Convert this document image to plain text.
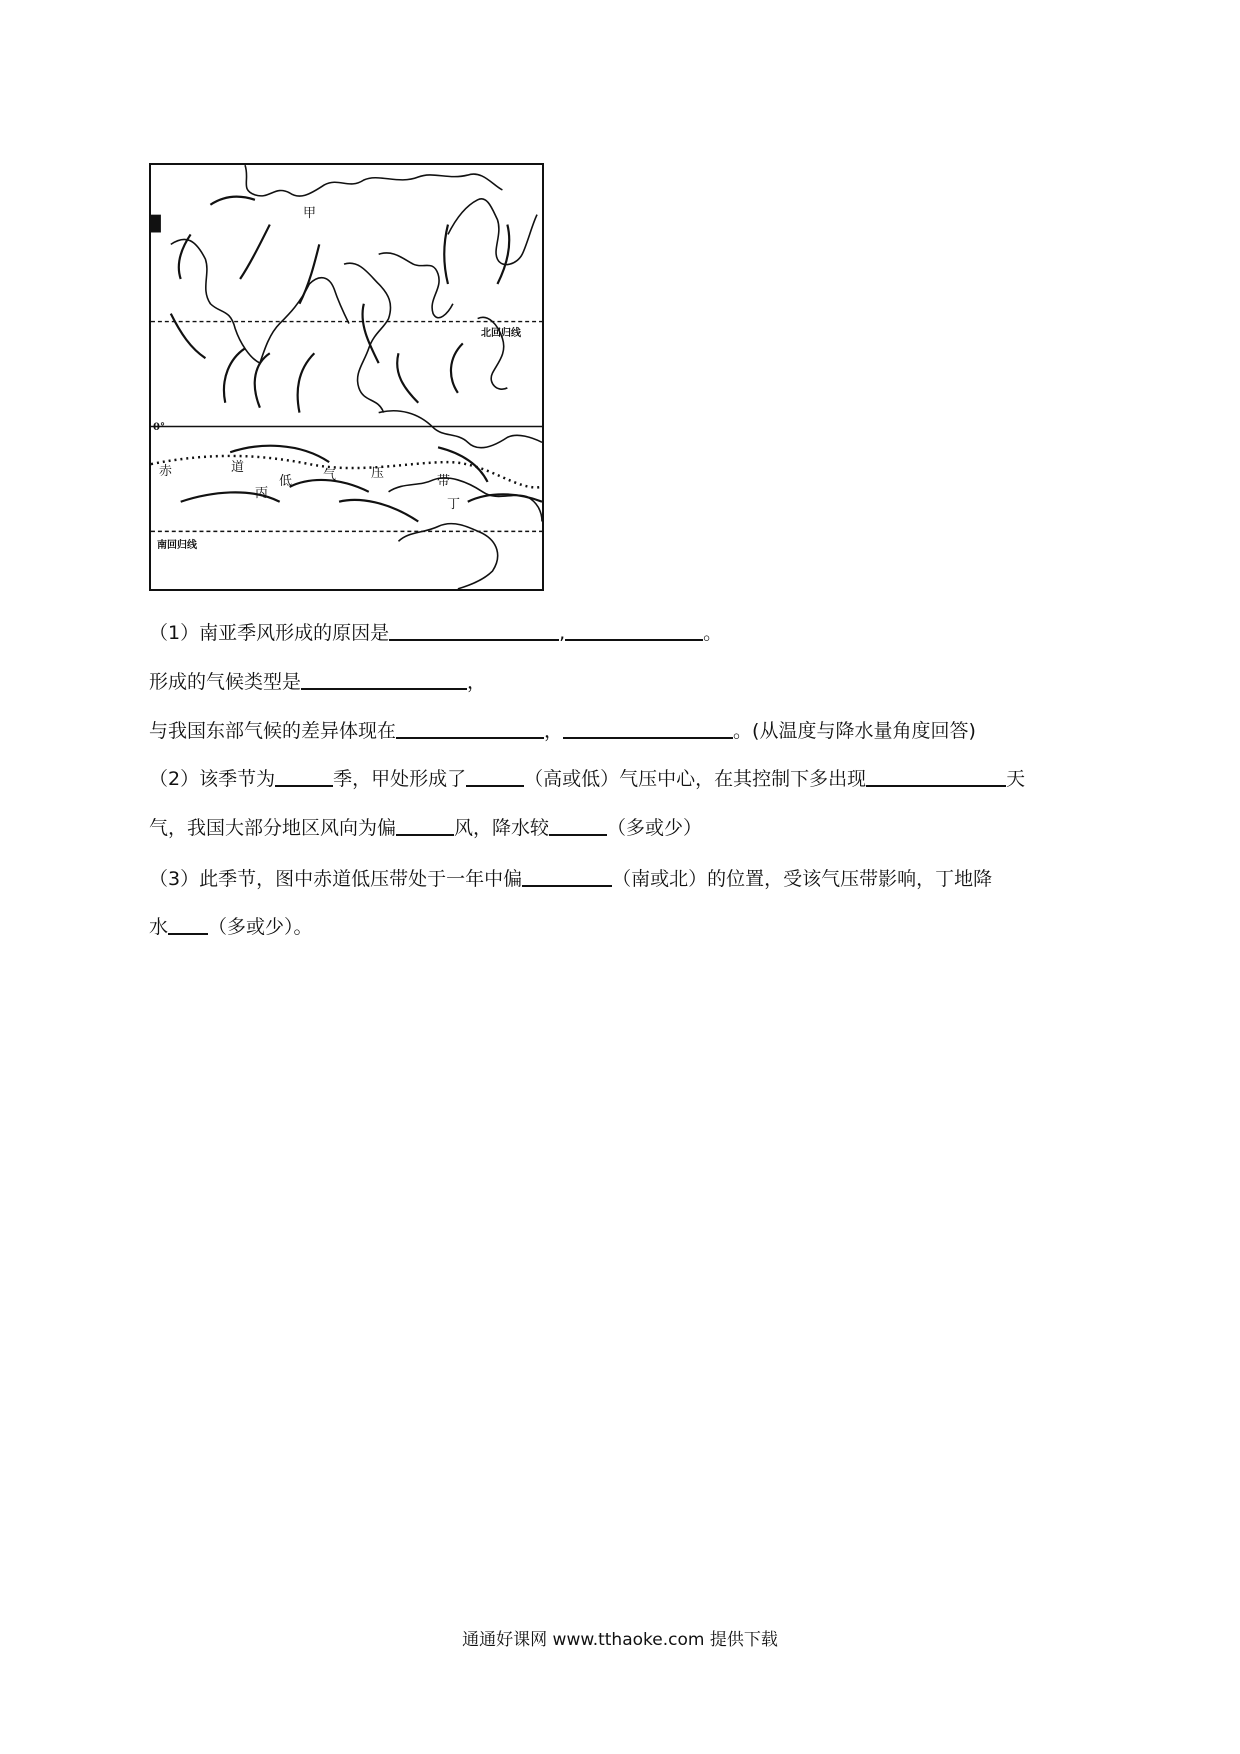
甲
北回归线
0°
南回归线
赤	道
低 气	压
带
丙
丁
（1）南亚季风形成的原因是	,	。
形成的气候类型是	，
与我国东部气候的差异体现在	，	。(从温度与降水量角度回答)
（2）该季节为	季，甲处形成了	（高或低）气压中心，在其控制下多出现	天
气，我国大部分地区风向为偏	风，降水较	（多或少）
（3）此季节，图中赤道低压带处于一年中偏	（南或北）的位置，受该气压带影响，丁地降
水 （多或少）。
通通好课网 www.tthaoke.com 提供下载
